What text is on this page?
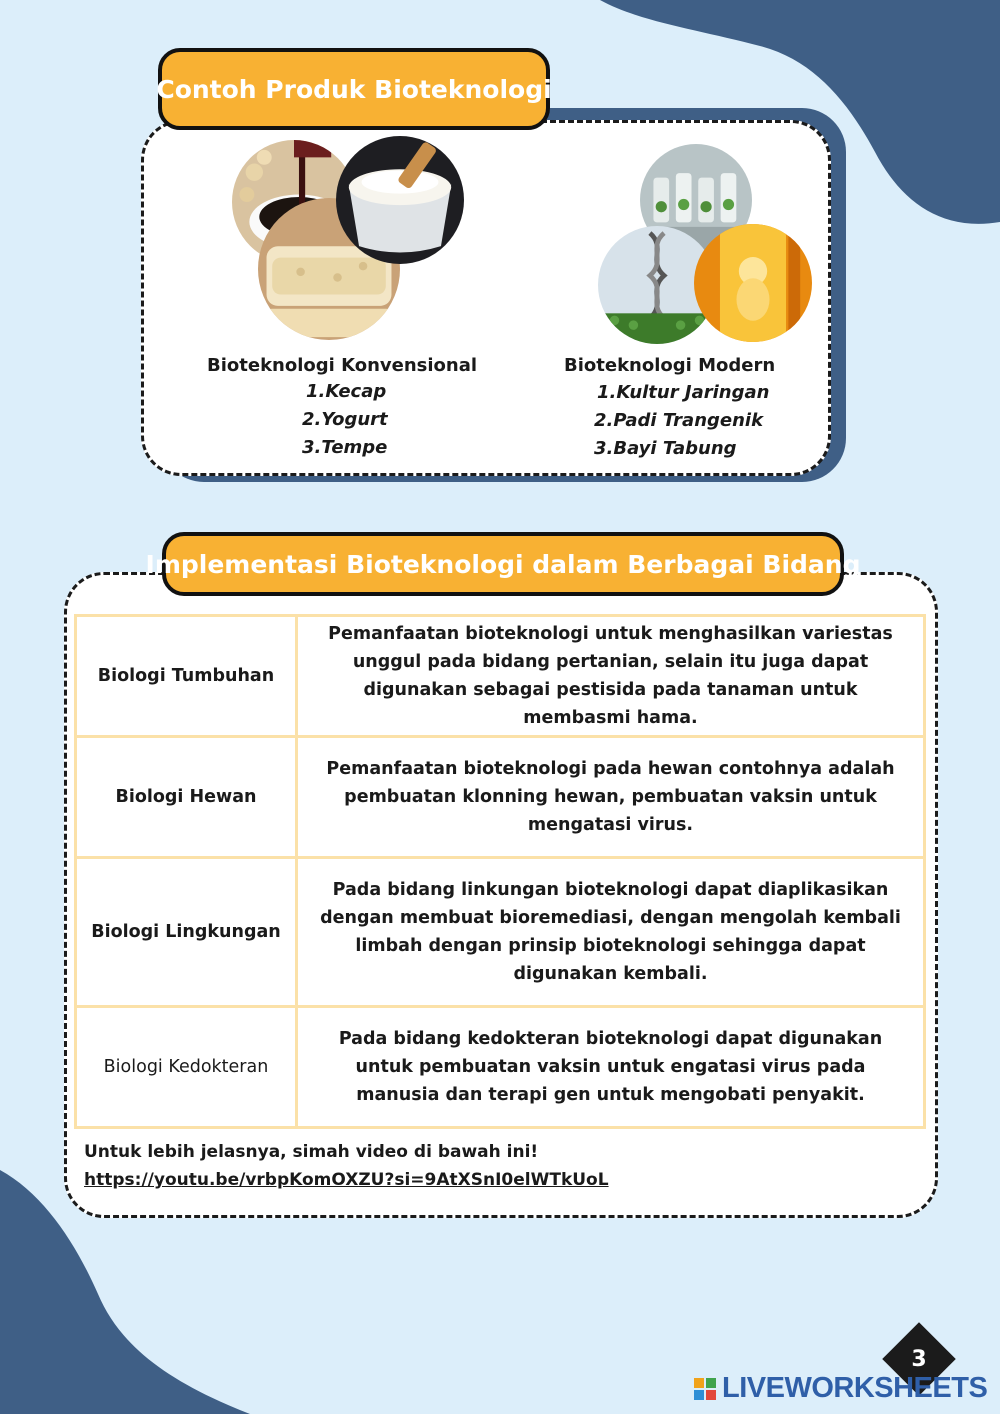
Contoh Produk Bioteknologi
Bioteknologi Konvensional
1.Kecap
2.Yogurt
3.Tempe
Bioteknologi Modern
1.Kultur Jaringan
2.Padi Trangenik
3.Bayi Tabung
Implementasi Bioteknologi dalam Berbagai Bidang
Biologi Tumbuhan	Pemanfaatan bioteknologi untuk menghasilkan variestas unggul pada bidang pertanian, selain itu juga dapat digunakan sebagai pestisida pada tanaman untuk membasmi hama.
Biologi Hewan	Pemanfaatan bioteknologi pada hewan contohnya adalah pembuatan klonning hewan, pembuatan vaksin untuk mengatasi virus.
Biologi Lingkungan	Pada bidang linkungan bioteknologi dapat diaplikasikan dengan membuat bioremediasi, dengan mengolah kembali limbah dengan prinsip bioteknologi sehingga dapat digunakan kembali.
Biologi Kedokteran	Pada bidang kedokteran bioteknologi dapat digunakan untuk pembuatan vaksin untuk engatasi virus pada manusia dan terapi gen untuk mengobati penyakit.
Untuk lebih jelasnya, simah video di bawah ini!
https://youtu.be/vrbpKomOXZU?si=9AtXSnI0elWTkUoL
3
LIVEWORKSHEETS
